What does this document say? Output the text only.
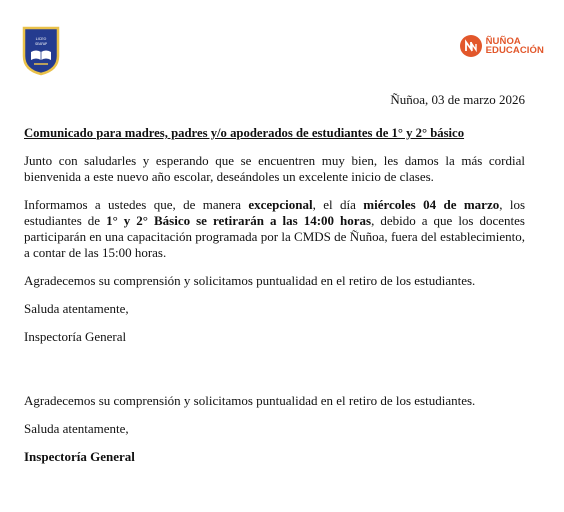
LICEO
SEAFAP	ÑUÑOA
EDUCACIÓN
Ñuñoa, 03 de marzo 2026
Comunicado para madres, padres y/o apoderados de estudiantes de 1° y 2° básico

Junto con saludarles y esperando que se encuentren muy bien, les damos la más cordial bienvenida a este nuevo año escolar, deseándoles un excelente inicio de clases.

Informamos a ustedes que, de manera excepcional, el día miércoles 04 de marzo, los estudiantes de 1° y 2° Básico se retirarán a las 14:00 horas, debido a que los docentes participarán en una capacitación programada por la CMDS de Ñuñoa, fuera del establecimiento, a contar de las 15:00 horas.

Agradecemos su comprensión y solicitamos puntualidad en el retiro de los estudiantes.

Saluda atentamente,

Inspectoría General

Agradecemos su comprensión y solicitamos puntualidad en el retiro de los estudiantes.

Saluda atentamente,

Inspectoría General
